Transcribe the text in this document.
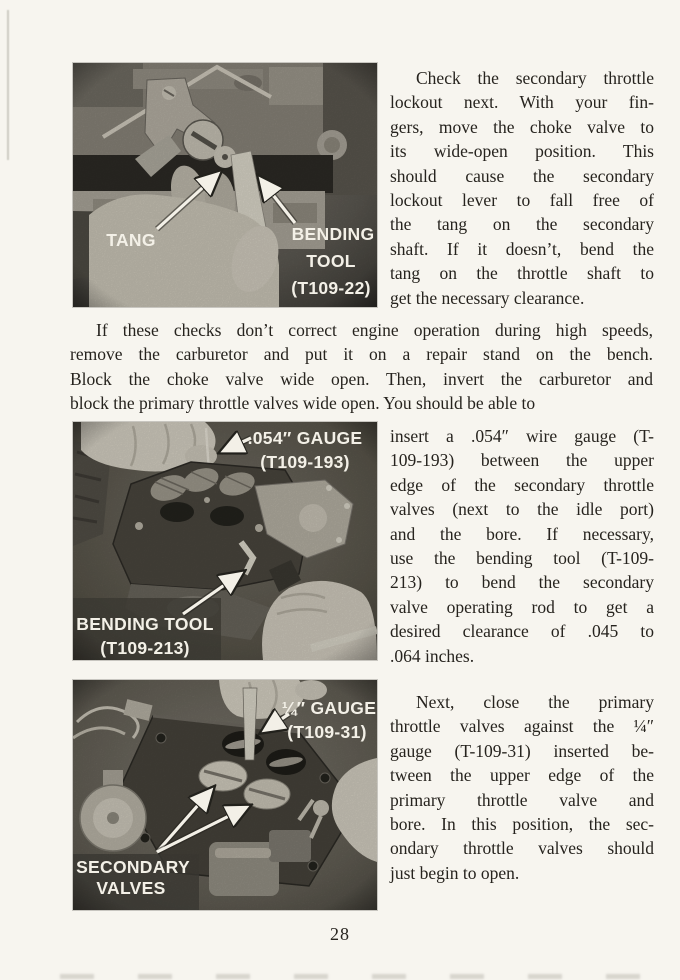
TANG	BENDING
TOOL
(T109-22)
.054″ GAUGE
(T109-193)
BENDING TOOL
(T109-213)
¼″ GAUGE
(T109-31)
SECONDARY
VALVES
Check the secondary throttle
lockout next. With your fin-
gers, move the choke valve to
its wide-open position. This
should cause the secondary
lockout lever to fall free of
the tang on the secondary
shaft. If it doesn’t, bend the
tang on the throttle shaft to
get the necessary clearance.
If these checks don’t correct engine operation during high speeds,
remove the carburetor and put it on a repair stand on the bench.
Block the choke valve wide open. Then, invert the carburetor and
block the primary throttle valves wide open. You should be able to
insert a .054″ wire gauge (T-
109-193) between the upper
edge of the secondary throttle
valves (next to the idle port)
and the bore. If necessary,
use the bending tool (T-109-
213) to bend the secondary
valve operating rod to get a
desired clearance of .045 to
.064 inches.
Next, close the primary
throttle valves against the ¼″
gauge (T-109-31) inserted be-
tween the upper edge of the
primary throttle valve and
bore. In this position, the sec-
ondary throttle valves should
just begin to open.
28
